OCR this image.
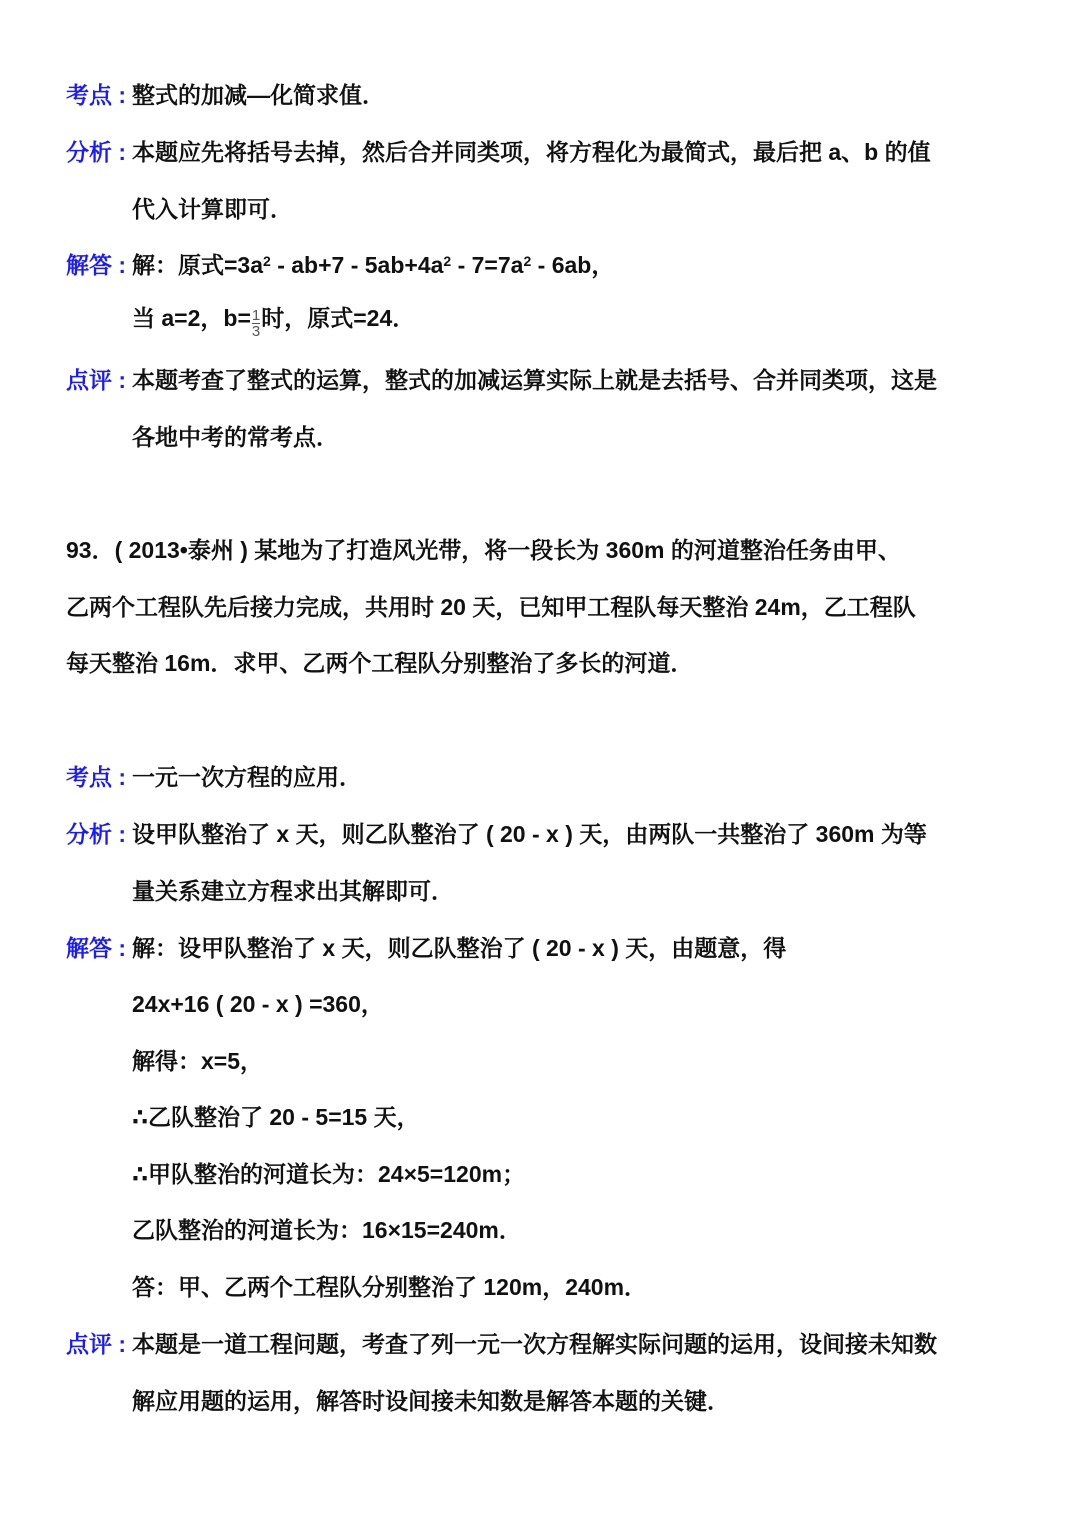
考点 : 整式的加减—化简求值．
分析 : 本题应先将括号去掉，然后合并同类项，将方程化为最简式，最后把 a、b 的值
代入计算即可．
解答 : 解：原式$=3a^2 - ab+7 - 5ab+4a^2 - 7=7a^2 - 6ab$，
当 a=2，$b= \frac{1}{3}$ 时，原式=24．
点评 : 本题考查了整式的运算，整式的加减运算实际上就是去括号、合并同类项，这是
各地中考的常考点．
93．( 2013•泰州 ) 某地为了打造风光带，将一段长为 360m 的河道整治任务由甲、
乙两个工程队先后接力完成，共用时 20 天，已知甲工程队每天整治 24m，乙工程队
每天整治 16m．求甲、乙两个工程队分别整治了多长的河道．
考点 : 一元一次方程的应用．
分析 : 设甲队整治了 x 天，则乙队整治了 ( 20 - x ) 天，由两队一共整治了 360m 为等
量关系建立方程求出其解即可．
解答 : 解：设甲队整治了 x 天，则乙队整治了 ( 20 - x ) 天，由题意，得
24x+16 ( 20 - x ) =360，
解得：x=5，
∴乙队整治了 20 - 5=15 天，
∴甲队整治的河道长为：24×5=120m；
乙队整治的河道长为：16×15=240m．
答：甲、乙两个工程队分别整治了 120m，240m．
点评 : 本题是一道工程问题，考查了列一元一次方程解实际问题的运用，设间接未知数
解应用题的运用，解答时设间接未知数是解答本题的关键．
